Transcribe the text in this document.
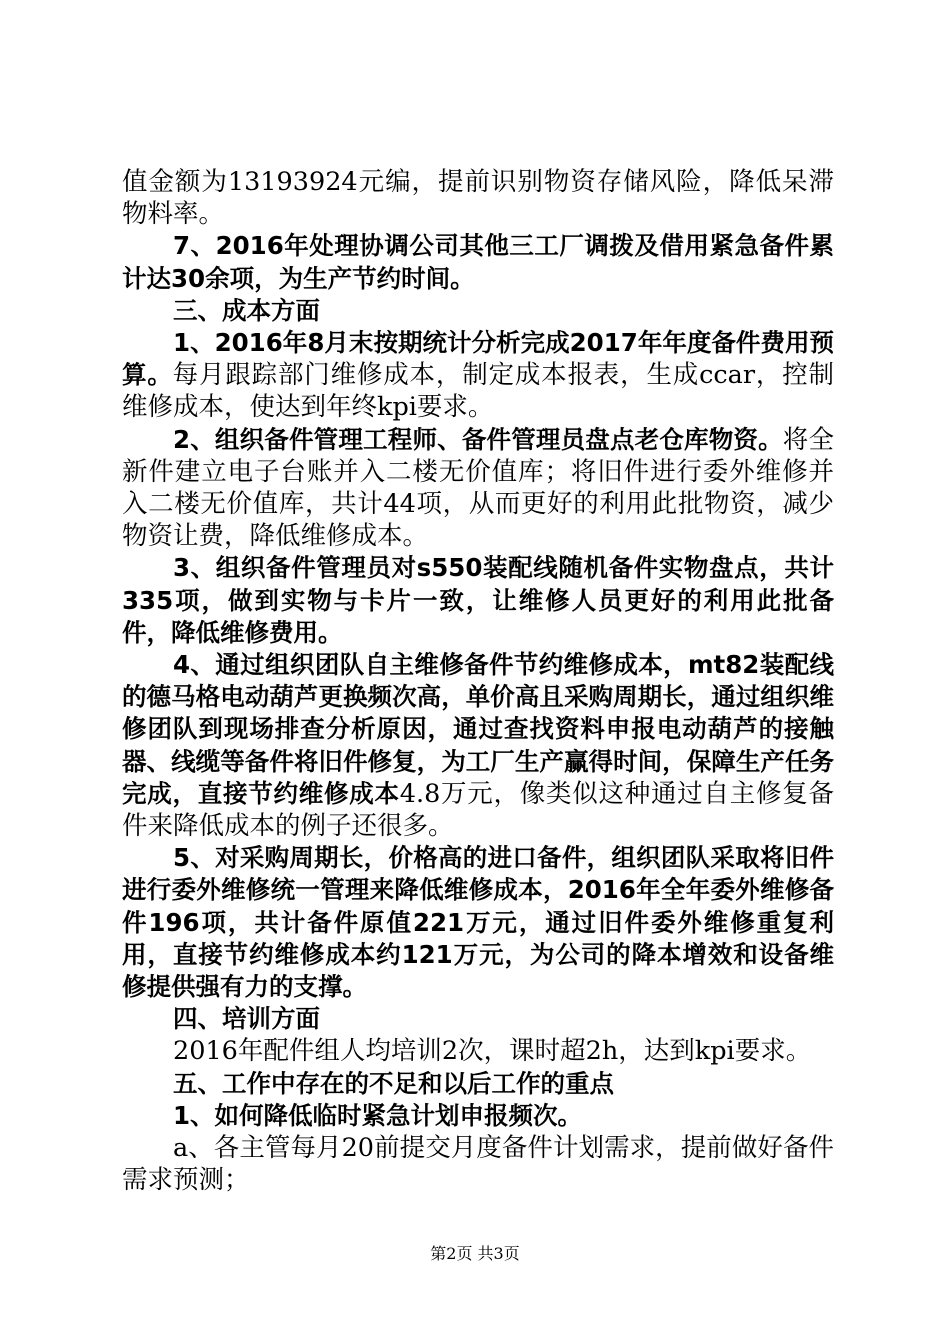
值金额为13193924元编，提前识别物资存储风险，降低呆滞物料率。

7、2016年处理协调公司其他三工厂调拨及借用紧急备件累计达30余项，为生产节约时间。

三、成本方面

1、2016年8月末按期统计分析完成2017年年度备件费用预算。每月跟踪部门维修成本，制定成本报表，生成ccar，控制维修成本，使达到年终kpi要求。

2、组织备件管理工程师、备件管理员盘点老仓库物资。将全新件建立电子台账并入二楼无价值库；将旧件进行委外维修并入二楼无价值库，共计44项，从而更好的利用此批物资，减少物资让费，降低维修成本。

3、组织备件管理员对s550装配线随机备件实物盘点，共计335项，做到实物与卡片一致，让维修人员更好的利用此批备件，降低维修费用。

4、通过组织团队自主维修备件节约维修成本，mt82装配线的德马格电动葫芦更换频次高，单价高且采购周期长，通过组织维修团队到现场排查分析原因，通过查找资料申报电动葫芦的接触器、线缆等备件将旧件修复，为工厂生产赢得时间，保障生产任务完成，直接节约维修成本4.8万元，像类似这种通过自主修复备件来降低成本的例子还很多。

5、对采购周期长，价格高的进口备件，组织团队采取将旧件进行委外维修统一管理来降低维修成本，2016年全年委外维修备件196项，共计备件原值221万元，通过旧件委外维修重复利用，直接节约维修成本约121万元，为公司的降本增效和设备维修提供强有力的支撑。

四、培训方面

2016年配件组人均培训2次，课时超2h，达到kpi要求。

五、工作中存在的不足和以后工作的重点

1、如何降低临时紧急计划申报频次。

a、各主管每月20前提交月度备件计划需求，提前做好备件需求预测；

第2页 共3页
